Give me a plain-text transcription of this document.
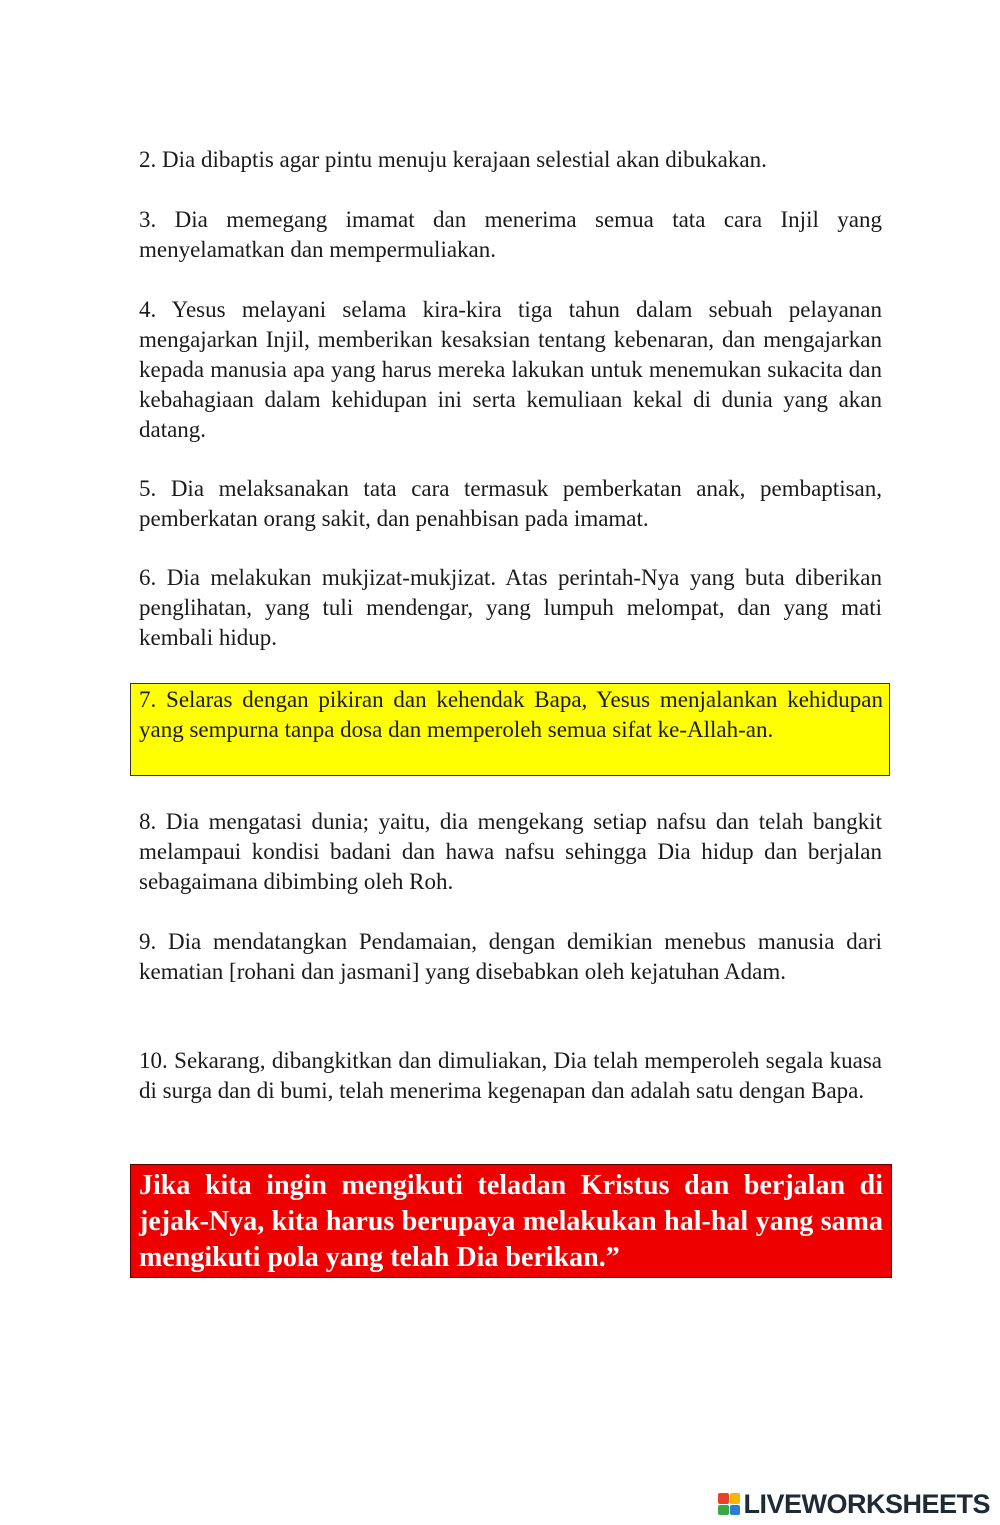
2. Dia dibaptis agar pintu menuju kerajaan selestial akan dibukakan.

3. Dia memegang imamat dan menerima semua tata cara Injil yang menyelamatkan dan mempermuliakan.

4. Yesus melayani selama kira-kira tiga tahun dalam sebuah pelayanan mengajarkan Injil, memberikan kesaksian tentang kebenaran, dan mengajarkan kepada manusia apa yang harus mereka lakukan untuk menemukan sukacita dan kebahagiaan dalam kehidupan ini serta kemuliaan kekal di dunia yang akan datang.

5. Dia melaksanakan tata cara termasuk pemberkatan anak, pembaptisan, pemberkatan orang sakit, dan penahbisan pada imamat.

6. Dia melakukan mukjizat-mukjizat. Atas perintah-Nya yang buta diberikan penglihatan, yang tuli mendengar, yang lumpuh melompat, dan yang mati kembali hidup.

7. Selaras dengan pikiran dan kehendak Bapa, Yesus menjalankan kehidupan yang sempurna tanpa dosa dan memperoleh semua sifat ke-Allah-an.

8. Dia mengatasi dunia; yaitu, dia mengekang setiap nafsu dan telah bangkit melampaui kondisi badani dan hawa nafsu sehingga Dia hidup dan berjalan sebagaimana dibimbing oleh Roh.

9. Dia mendatangkan Pendamaian, dengan demikian menebus manusia dari kematian [rohani dan jasmani] yang disebabkan oleh kejatuhan Adam.

10. Sekarang, dibangkitkan dan dimuliakan, Dia telah memperoleh segala kuasa di surga dan di bumi, telah menerima kegenapan dan adalah satu dengan Bapa.

Jika kita ingin mengikuti teladan Kristus dan berjalan di jejak-Nya, kita harus berupaya melakukan hal-hal yang sama mengikuti pola yang telah Dia berikan.”

LIVEWORKSHEETS
